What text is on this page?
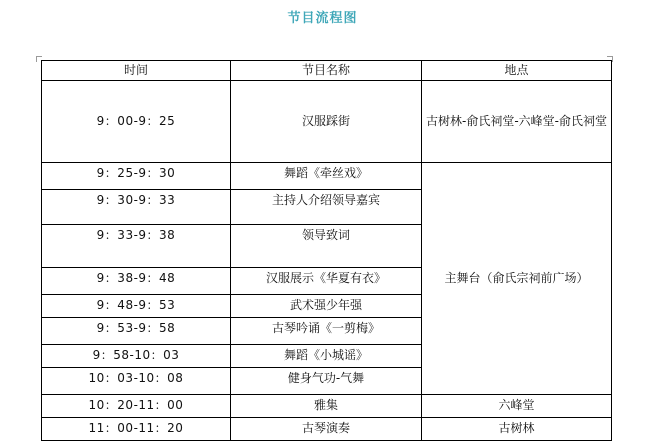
节目流程图
时间	节目名称	地点
9：00-9：25	汉服踩街	古树林-俞氏祠堂-六峰堂-俞氏祠堂
9：25-9：30	舞蹈《牵丝戏》	主舞台（俞氏宗祠前广场）
9：30-9：33	主持人介绍领导嘉宾	
9：33-9：38	领导致词	
9：38-9：48	汉服展示《华夏有衣》	
9：48-9：53	武术强少年强	
9：53-9：58	古琴吟诵《一剪梅》	
9：58-10：03	舞蹈《小城谣》	
10：03-10：08	健身气功-气舞	
10：20-11：00	雅集	六峰堂
11：00-11：20	古琴演奏	古树林
